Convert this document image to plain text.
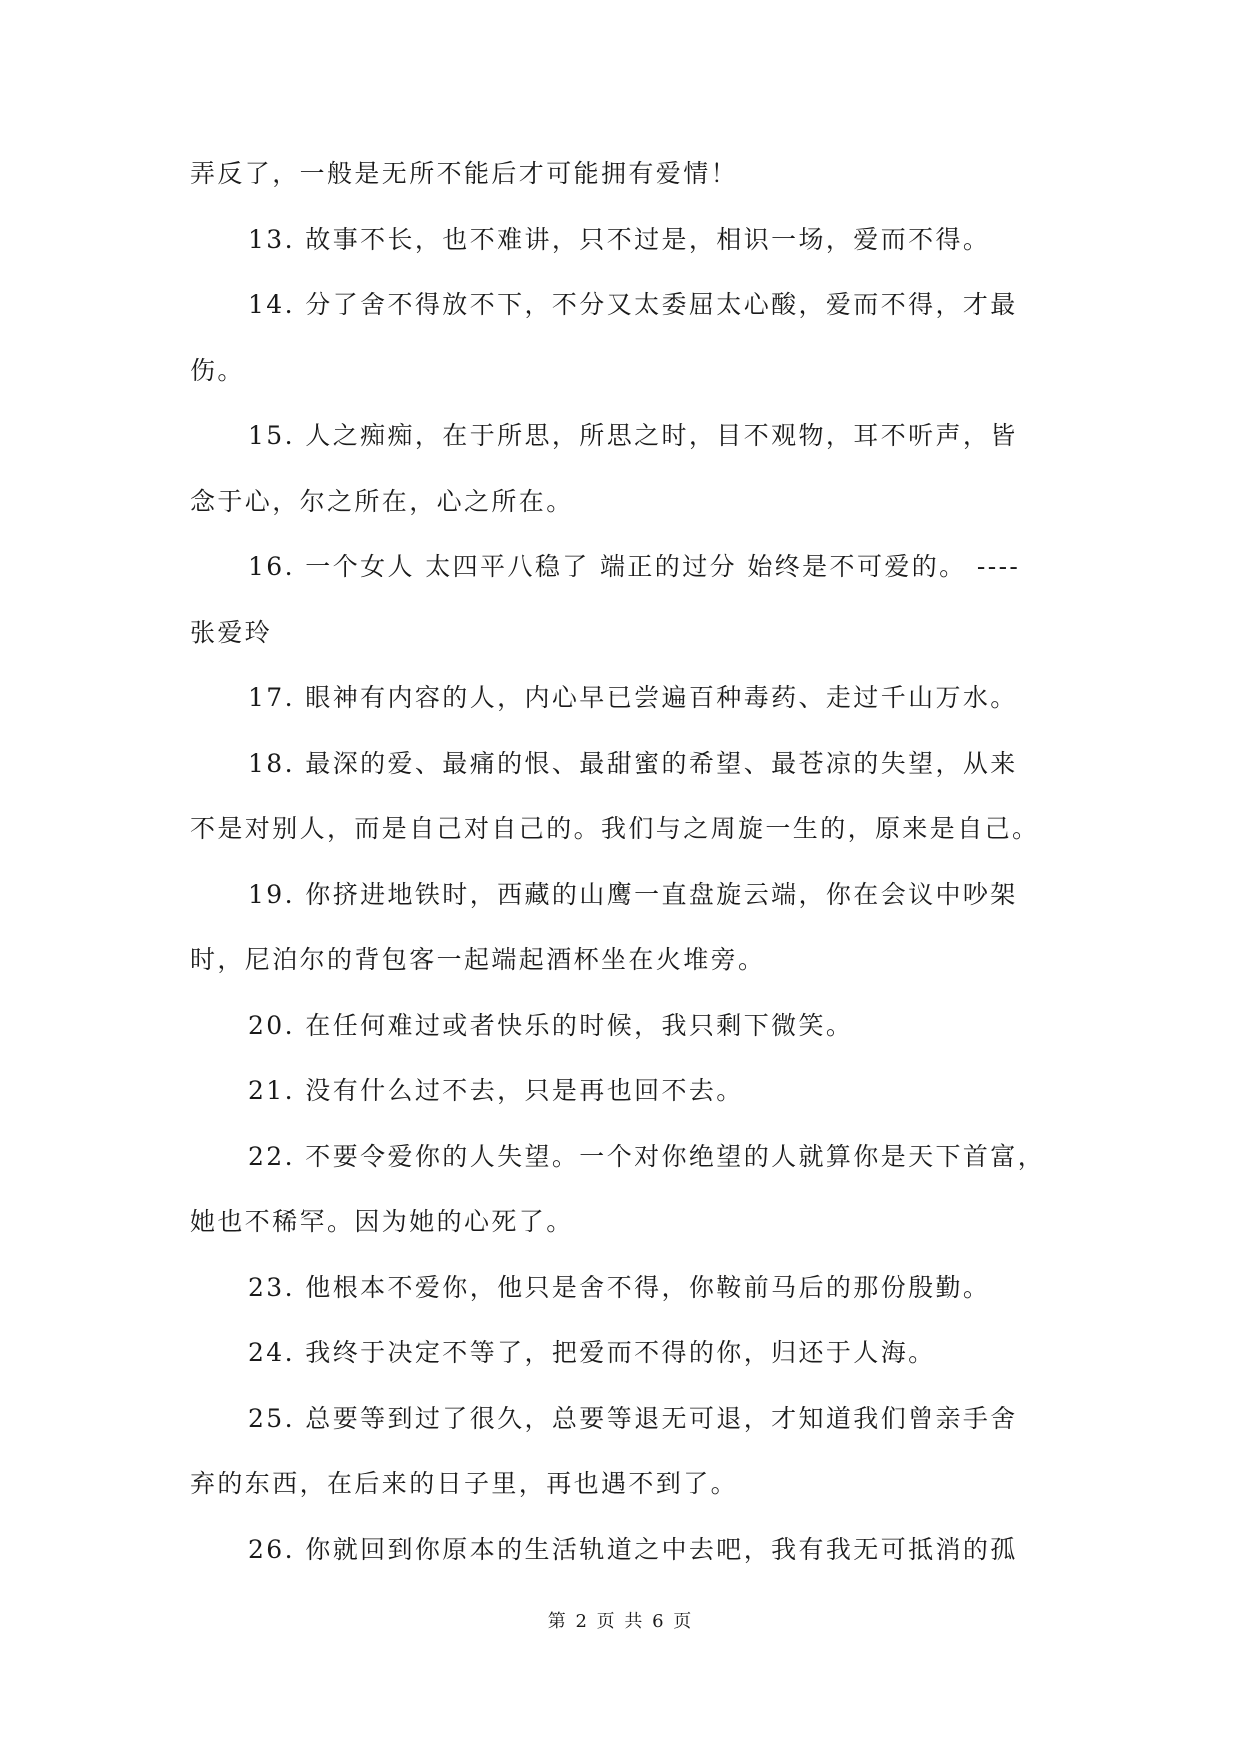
弄反了，一般是无所不能后才可能拥有爱情！
13. 故事不长，也不难讲，只不过是，相识一场，爱而不得。
14. 分了舍不得放不下，不分又太委屈太心酸，爱而不得，才最
伤。
15. 人之痴痴，在于所思，所思之时，目不观物，耳不听声，皆
念于心，尔之所在，心之所在。
16. 一个女人 太四平八稳了 端正的过分 始终是不可爱的。 ----
张爱玲
17. 眼神有内容的人，内心早已尝遍百种毒药、走过千山万水。
18. 最深的爱、最痛的恨、最甜蜜的希望、最苍凉的失望，从来
不是对别人，而是自己对自己的。我们与之周旋一生的，原来是自己。
19. 你挤进地铁时，西藏的山鹰一直盘旋云端，你在会议中吵架
时，尼泊尔的背包客一起端起酒杯坐在火堆旁。
20. 在任何难过或者快乐的时候，我只剩下微笑。
21. 没有什么过不去，只是再也回不去。
22. 不要令爱你的人失望。一个对你绝望的人就算你是天下首富，
她也不稀罕。因为她的心死了。
23. 他根本不爱你，他只是舍不得，你鞍前马后的那份殷勤。
24. 我终于决定不等了，把爱而不得的你，归还于人海。
25. 总要等到过了很久，总要等退无可退，才知道我们曾亲手舍
弃的东西，在后来的日子里，再也遇不到了。
26. 你就回到你原本的生活轨道之中去吧，我有我无可抵消的孤
第 2 页 共 6 页
